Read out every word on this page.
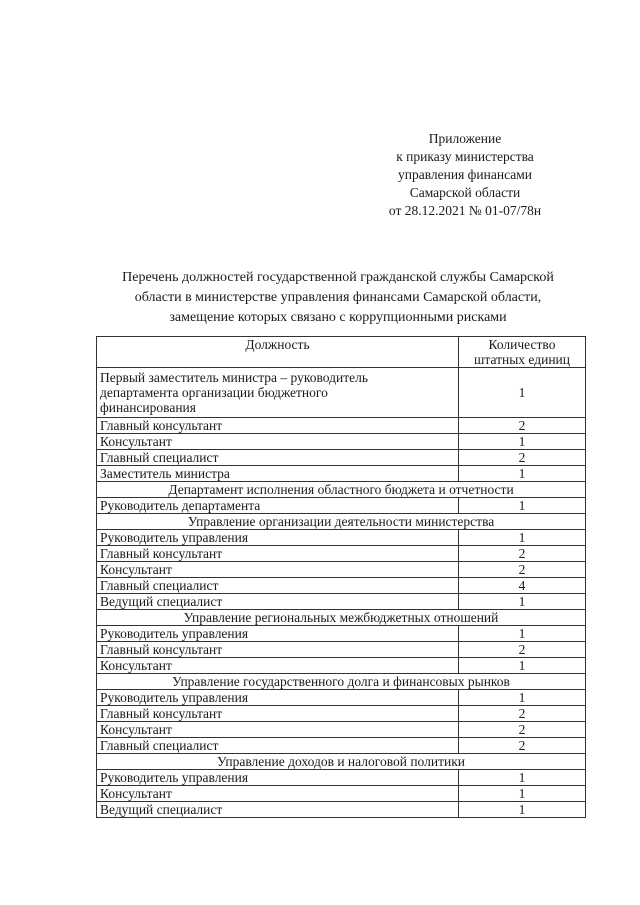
Приложение
к приказу министерства
управления финансами
Самарской области
от 28.12.2021 № 01-07/78н
Перечень должностей государственной гражданской службы Самарской
области в министерстве управления финансами Самарской области,
замещение которых связано с коррупционными рисками
Должность	Количество
штатных единиц

Первый заместитель министра – руководитель
департамента организации бюджетного
финансирования	1

Главный консультант	2

Консультант	1

Главный специалист	2

Заместитель министра	1
Департамент исполнения областного бюджета и отчетности	

Руководитель департамента	1
Управление организации деятельности министерства	

Руководитель управления	1

Главный консультант	2

Консультант	2

Главный специалист	4

Ведущий специалист	1
Управление региональных межбюджетных отношений	

Руководитель управления	1

Главный консультант	2

Консультант	1
Управление государственного долга и финансовых рынков	

Руководитель управления	1

Главный консультант	2

Консультант	2

Главный специалист	2
Управление доходов и налоговой политики	

Руководитель управления	1

Консультант	1

Ведущий специалист	1
